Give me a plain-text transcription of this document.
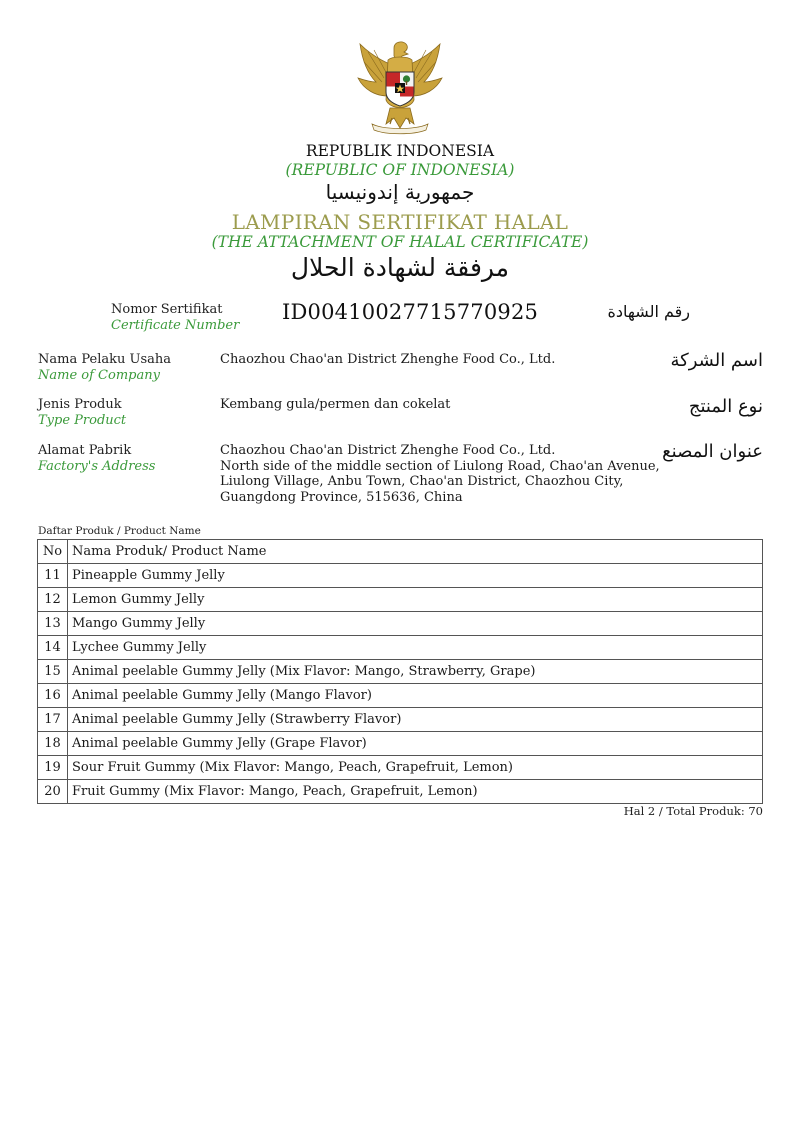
REPUBLIK INDONESIA
(REPUBLIC OF INDONESIA)
جمهورية إندونيسيا
LAMPIRAN SERTIFIKAT HALAL
(THE ATTACHMENT OF HALAL CERTIFICATE)
مرفقة لشهادة الحلال
Nomor Sertifikat
Certificate Number
ID00410027715770925	رقم الشهادة
Nama Pelaku Usaha
Name of Company
Chaozhou Chao'an District Zhenghe Food Co., Ltd.	اسم الشركة
Jenis Produk
Type Product
Kembang gula/permen dan cokelat	نوع المنتج
Alamat Pabrik
Factory's Address
Chaozhou Chao'an District Zhenghe Food Co., Ltd.
North side of the middle section of Liulong Road, Chao'an Avenue,
Liulong Village, Anbu Town, Chao'an District, Chaozhou City,
Guangdong Province, 515636, China
عنوان المصنع
Daftar Produk / Product Name
No	Nama Produk/ Product Name
11	Pineapple Gummy Jelly
12	Lemon Gummy Jelly
13	Mango Gummy Jelly
14	Lychee Gummy Jelly
15	Animal peelable Gummy Jelly (Mix Flavor: Mango, Strawberry, Grape)
16	Animal peelable Gummy Jelly (Mango Flavor)
17	Animal peelable Gummy Jelly (Strawberry Flavor)
18	Animal peelable Gummy Jelly (Grape Flavor)
19	Sour Fruit Gummy (Mix Flavor: Mango, Peach, Grapefruit, Lemon)
20	Fruit Gummy (Mix Flavor: Mango, Peach, Grapefruit, Lemon)
Hal 2 / Total Produk: 70
